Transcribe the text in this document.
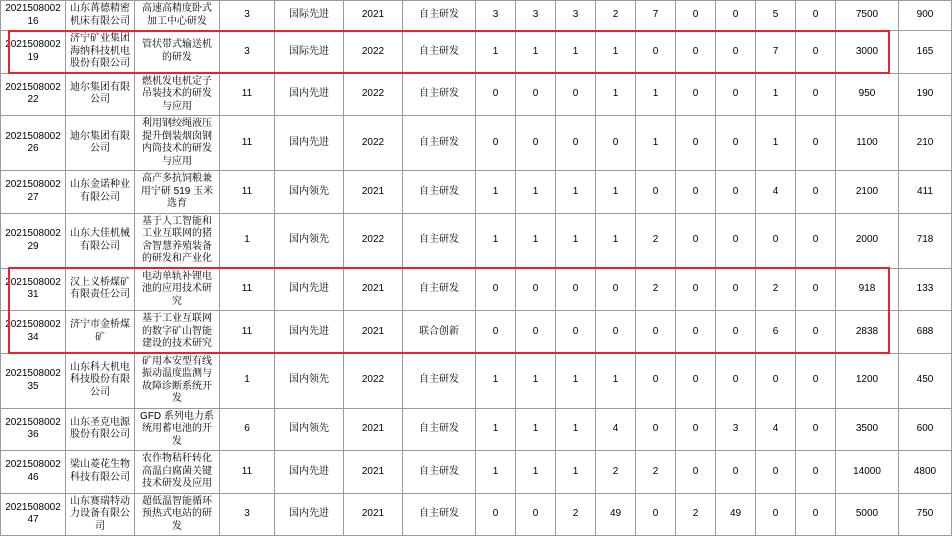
202150800216	山东苒德精密机床有限公司	高速高精度卧式加工中心研发	3	国际先进	2021	自主研发	3	3	3	2	7	0	0	5	0	7500	900
202150800219	济宁矿业集团海纳科技机电股份有限公司	管状带式输送机的研发	3	国际先进	2022	自主研发	1	1	1	1	0	0	0	7	0	3000	165
202150800222	迪尔集团有限公司	燃机发电机定子吊装技术的研发与应用	11	国内先进	2022	自主研发	0	0	0	1	1	0	0	1	0	950	190
202150800226	迪尔集团有限公司	利用钢绞绳液压提升倒装烟囱钢内筒技术的研发与应用	11	国内先进	2022	自主研发	0	0	0	0	1	0	0	1	0	1100	210
202150800227	山东金诺种业有限公司	高产多抗饲粮兼用宁研 519 玉米选育	11	国内领先	2021	自主研发	1	1	1	1	0	0	0	4	0	2100	411
202150800229	山东大佳机械有限公司	基于人工智能和工业互联网的猪舍智慧养殖装备的研发和产业化	1	国内领先	2022	自主研发	1	1	1	1	2	0	0	0	0	2000	718
202150800231	汉上义桥煤矿有限责任公司	电动单轨补锂电池的应用技术研究	11	国内先进	2021	自主研发	0	0	0	0	2	0	0	2	0	918	133
202150800234	济宁市金桥煤矿	基于工业互联网的数字矿山智能建设的技术研究	11	国内先进	2021	联合创新	0	0	0	0	0	0	0	6	0	2838	688
202150800235	山东科大机电科技股份有限公司	矿用本安型有线振动温度监测与故障诊断系统开发	1	国内领先	2022	自主研发	1	1	1	1	0	0	0	0	0	1200	450
202150800236	山东圣克电源股份有限公司	GFD 系列电力系统用蓄电池的开发	6	国内领先	2021	自主研发	1	1	1	4	0	0	3	4	0	3500	600
202150800246	梁山菱花生物科技有限公司	农作物秸秆转化高温白腐菌关键技术研发及应用	11	国内先进	2021	自主研发	1	1	1	2	2	0	0	0	0	14000	4800
202150800247	山东赛瑞特动力设备有限公司	超低温智能循环预热式电站的研发	3	国内先进	2021	自主研发	0	0	2	49	0	2	49	0	0	5000	750
